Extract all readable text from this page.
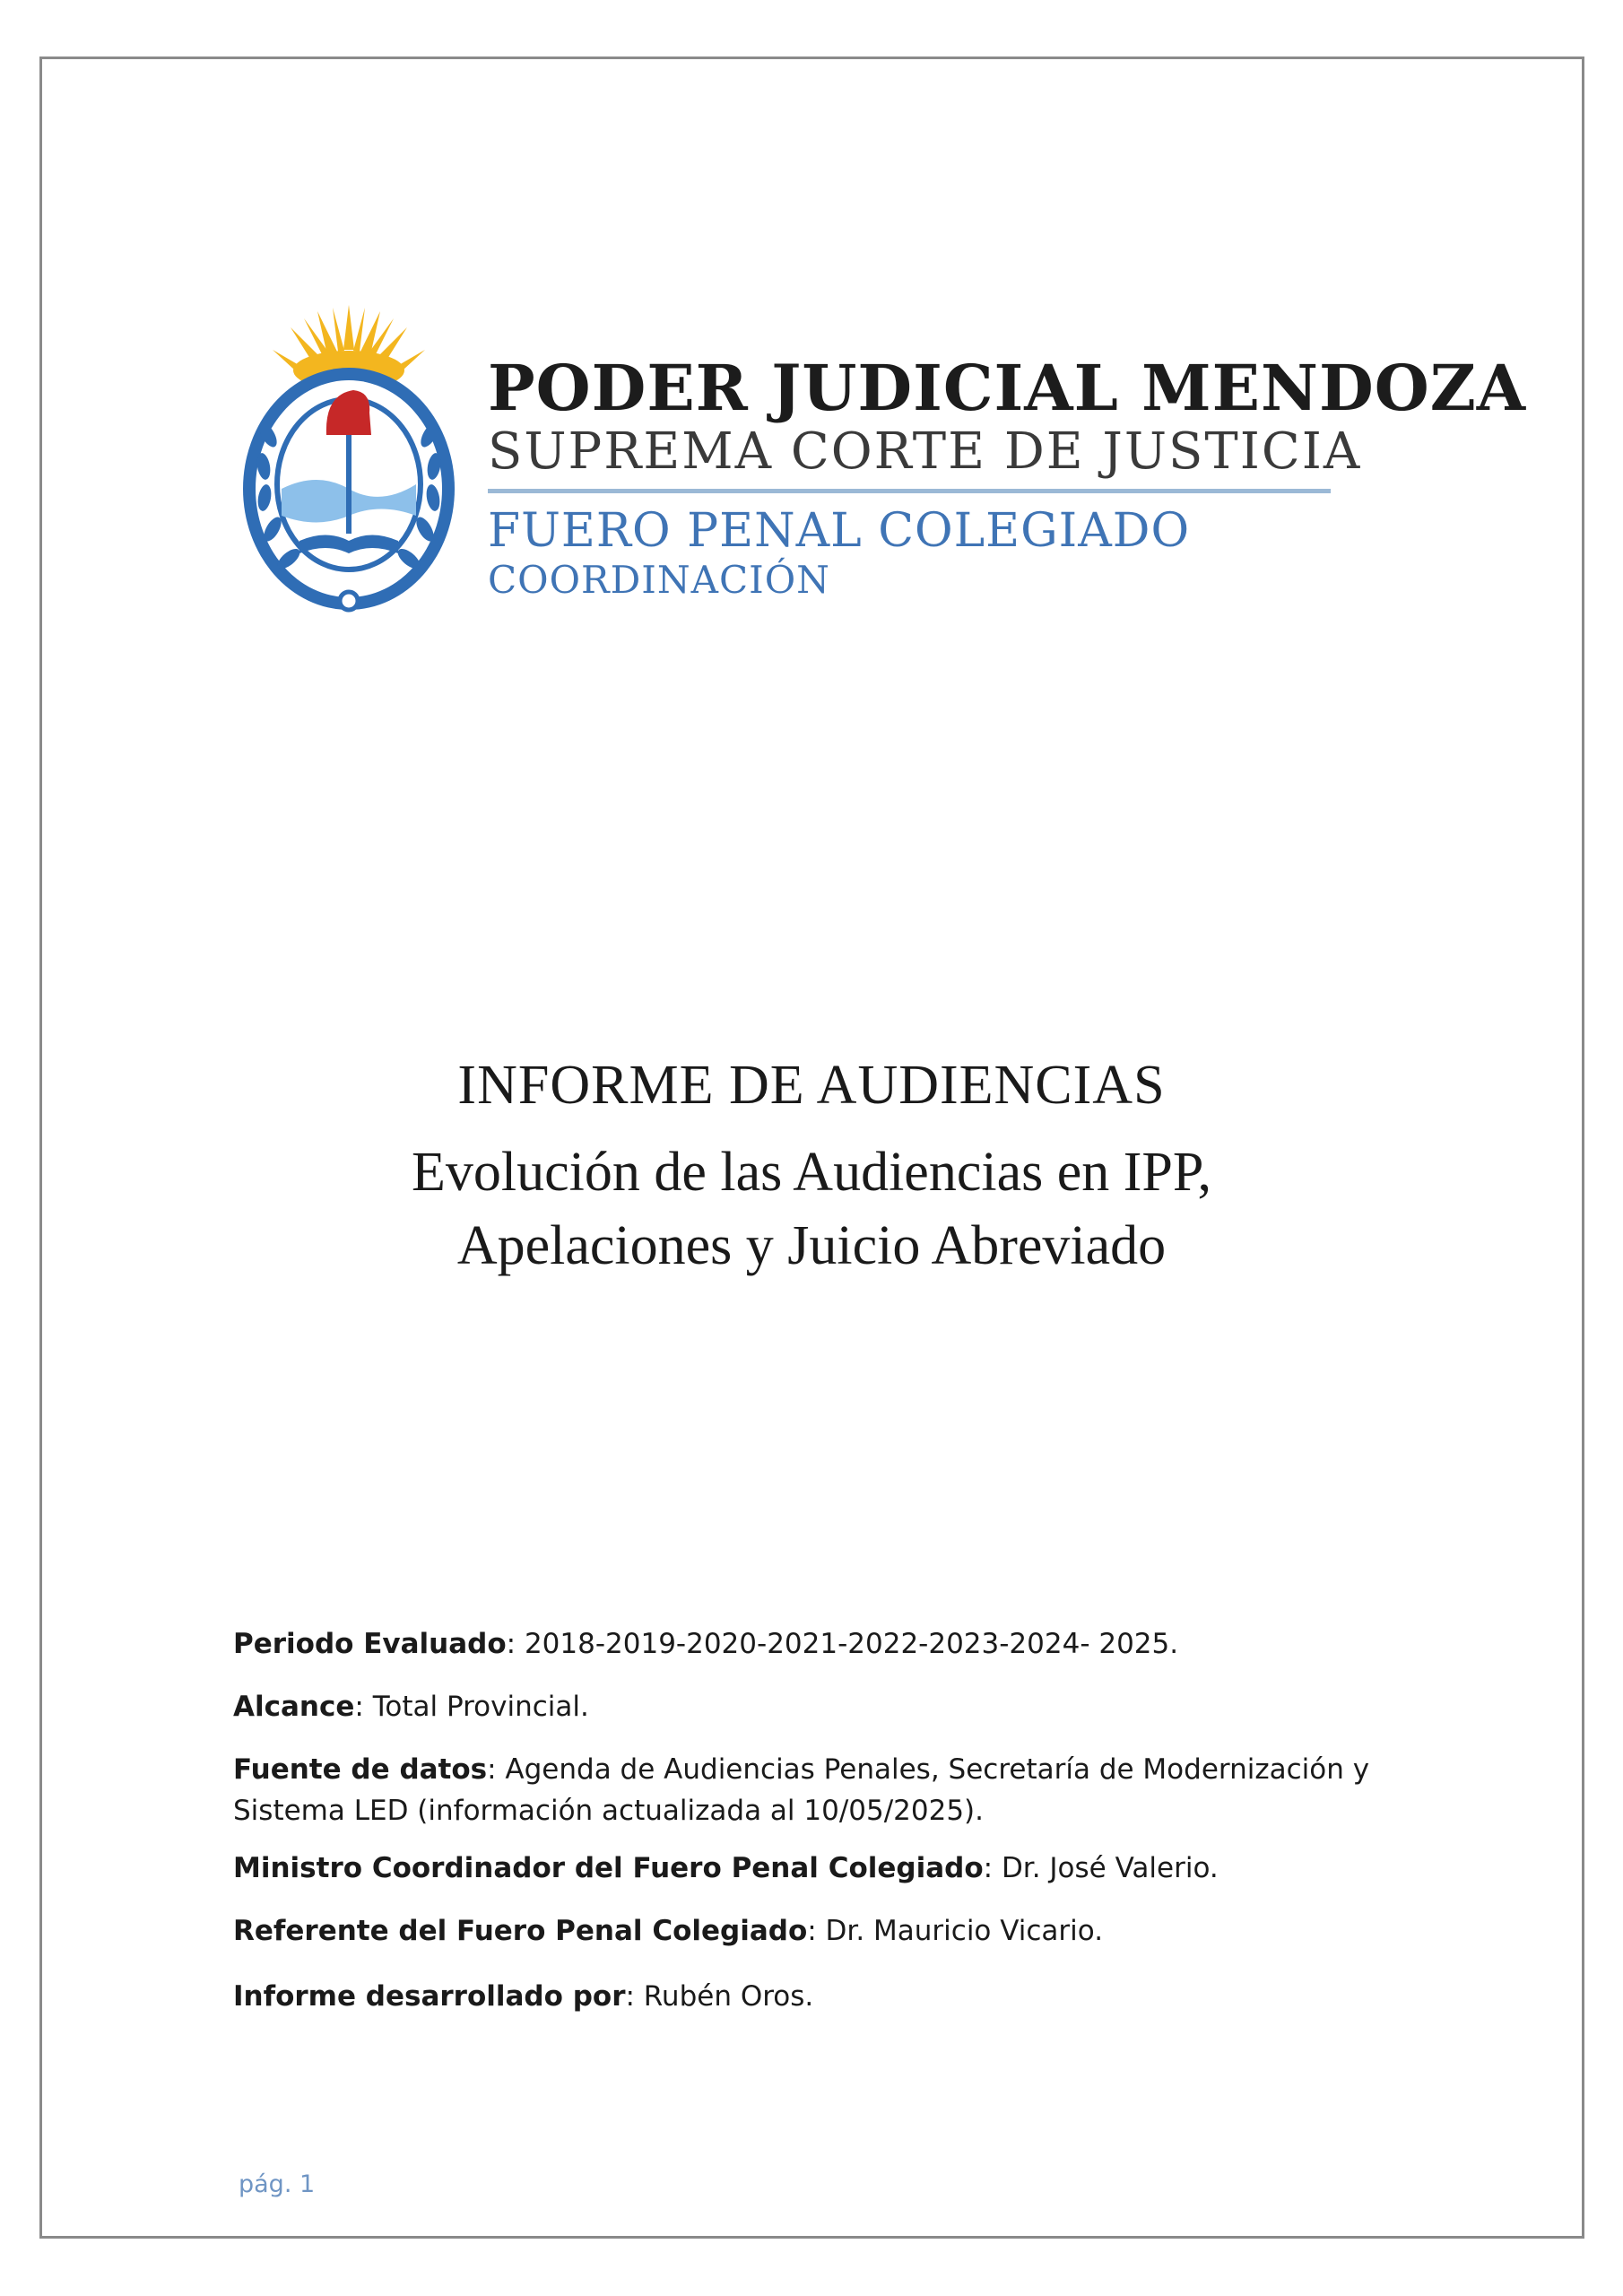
PODER JUDICIAL MENDOZA
SUPREMA CORTE DE JUSTICIA
FUERO PENAL COLEGIADO
COORDINACIÓN
INFORME DE AUDIENCIAS
Evolución de las Audiencias en IPP,
Apelaciones y Juicio Abreviado

Periodo Evaluado: 2018-2019-2020-2021-2022-2023-2024- 2025.

Alcance: Total Provincial.

Fuente de datos: Agenda de Audiencias Penales, Secretaría de Modernización y Sistema LED (información actualizada al 10/05/2025).

Ministro Coordinador del Fuero Penal Colegiado: Dr. José Valerio.

Referente del Fuero Penal Colegiado: Dr. Mauricio Vicario.

Informe desarrollado por: Rubén Oros.

pág. 1
